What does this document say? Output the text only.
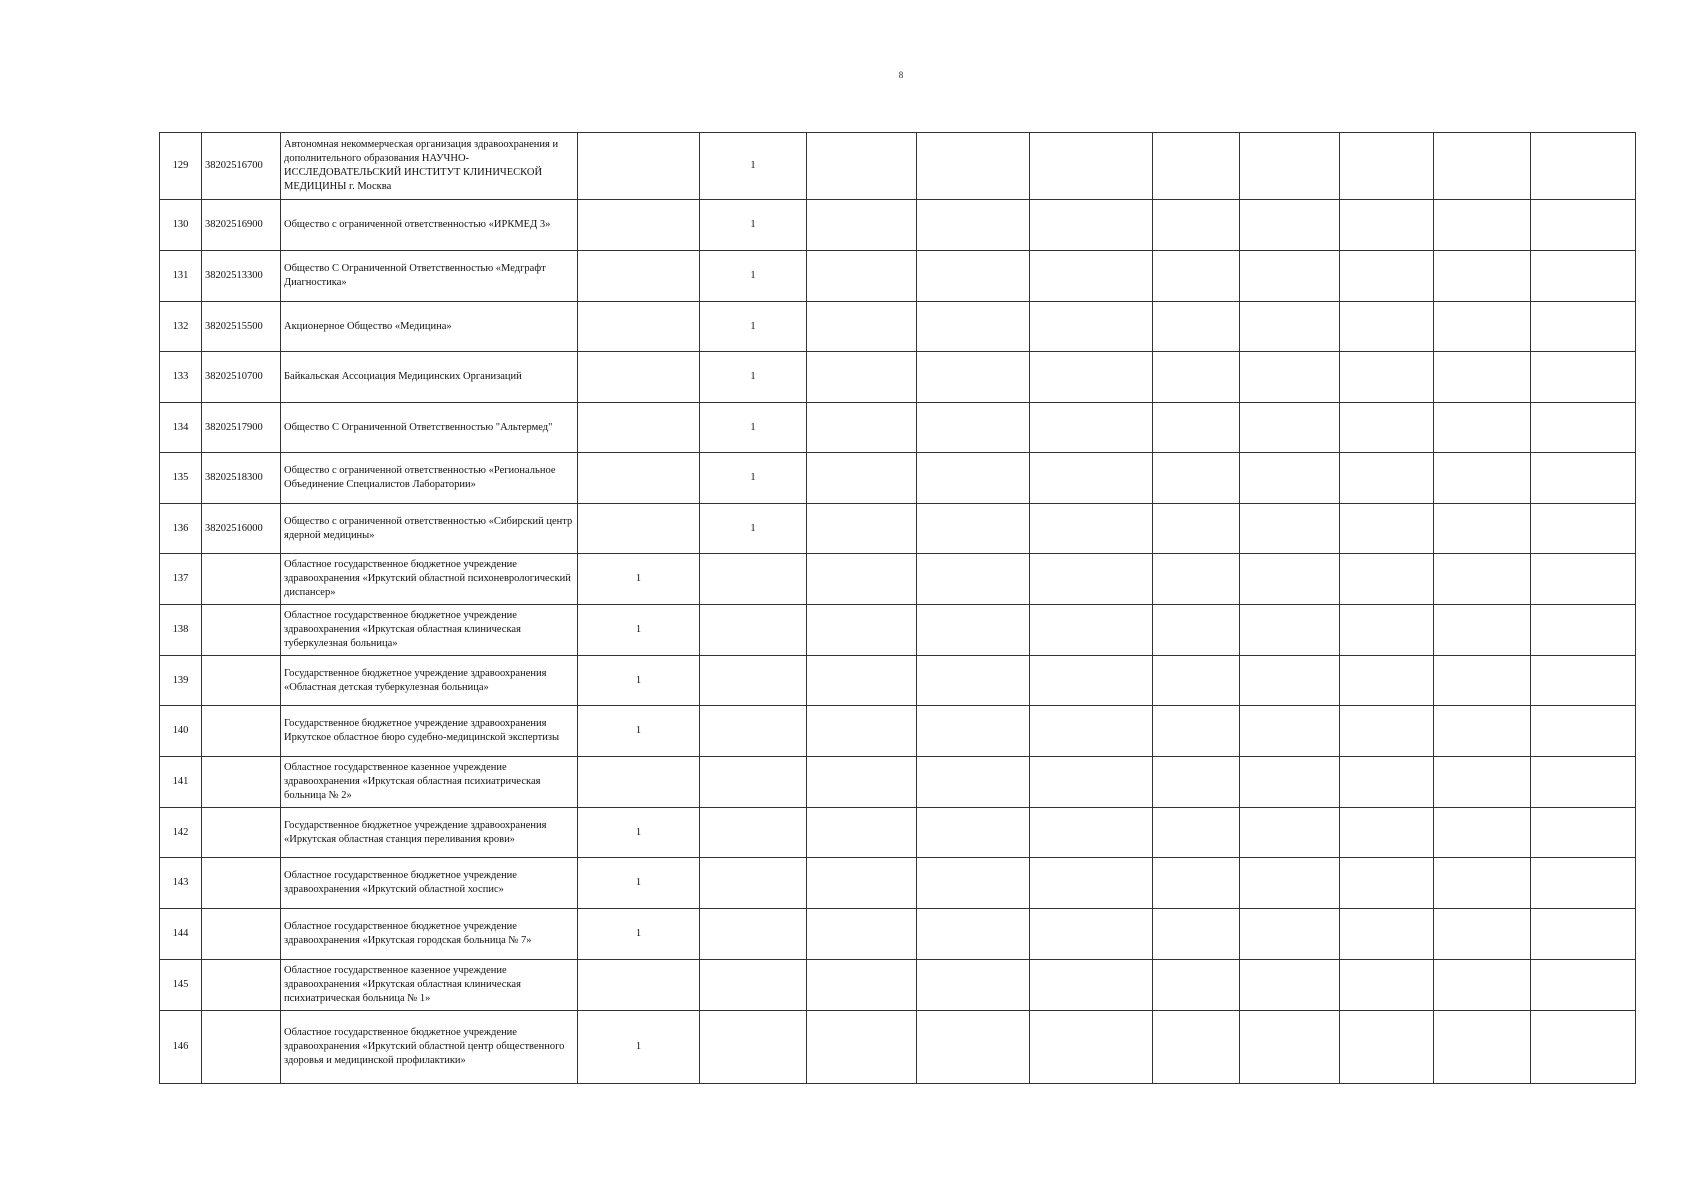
8
129	38202516700	Автономная некоммерческая организация здравоохранения и дополнительного образования НАУЧНО-ИССЛЕДОВАТЕЛЬСКИЙ ИНСТИТУТ КЛИНИЧЕСКОЙ МЕДИЦИНЫ г. Москва		1								
130	38202516900	Общество с ограниченной ответственностью «ИРКМЕД 3»		1								
131	38202513300	Общество С Ограниченной Ответственностью «Медграфт Диагностика»		1								
132	38202515500	Акционерное Общество «Медицина»		1								
133	38202510700	Байкальская Ассоциация Медицинских Организаций		1								
134	38202517900	Общество С Ограниченной Ответственностью "Альтермед"		1								
135	38202518300	Общество с ограниченной ответственностью «Региональное Объединение Специалистов Лаборатории»		1								
136	38202516000	Общество с ограниченной ответственностью «Сибирский центр ядерной медицины»		1								
137		Областное государственное бюджетное учреждение здравоохранения «Иркутский областной психоневрологический диспансер»	1									
138		Областное государственное бюджетное учреждение здравоохранения «Иркутская областная клиническая туберкулезная больница»	1									
139		Государственное бюджетное учреждение здравоохранения «Областная детская туберкулезная больница»	1									
140		Государственное бюджетное учреждение здравоохранения Иркутское областное бюро судебно-медицинской экспертизы	1									
141		Областное государственное казенное учреждение здравоохранения «Иркутская областная психиатрическая больница № 2»										
142		Государственное бюджетное учреждение здравоохранения «Иркутская областная станция переливания крови»	1									
143		Областное государственное бюджетное учреждение здравоохранения «Иркутский областной хоспис»	1									
144		Областное государственное бюджетное учреждение здравоохранения «Иркутская городская больница № 7»	1									
145		Областное государственное казенное учреждение здравоохранения «Иркутская областная клиническая психиатрическая больница № 1»										
146		Областное государственное бюджетное учреждение здравоохранения «Иркутский областной центр общественного здоровья и медицинской профилактики»	1									
